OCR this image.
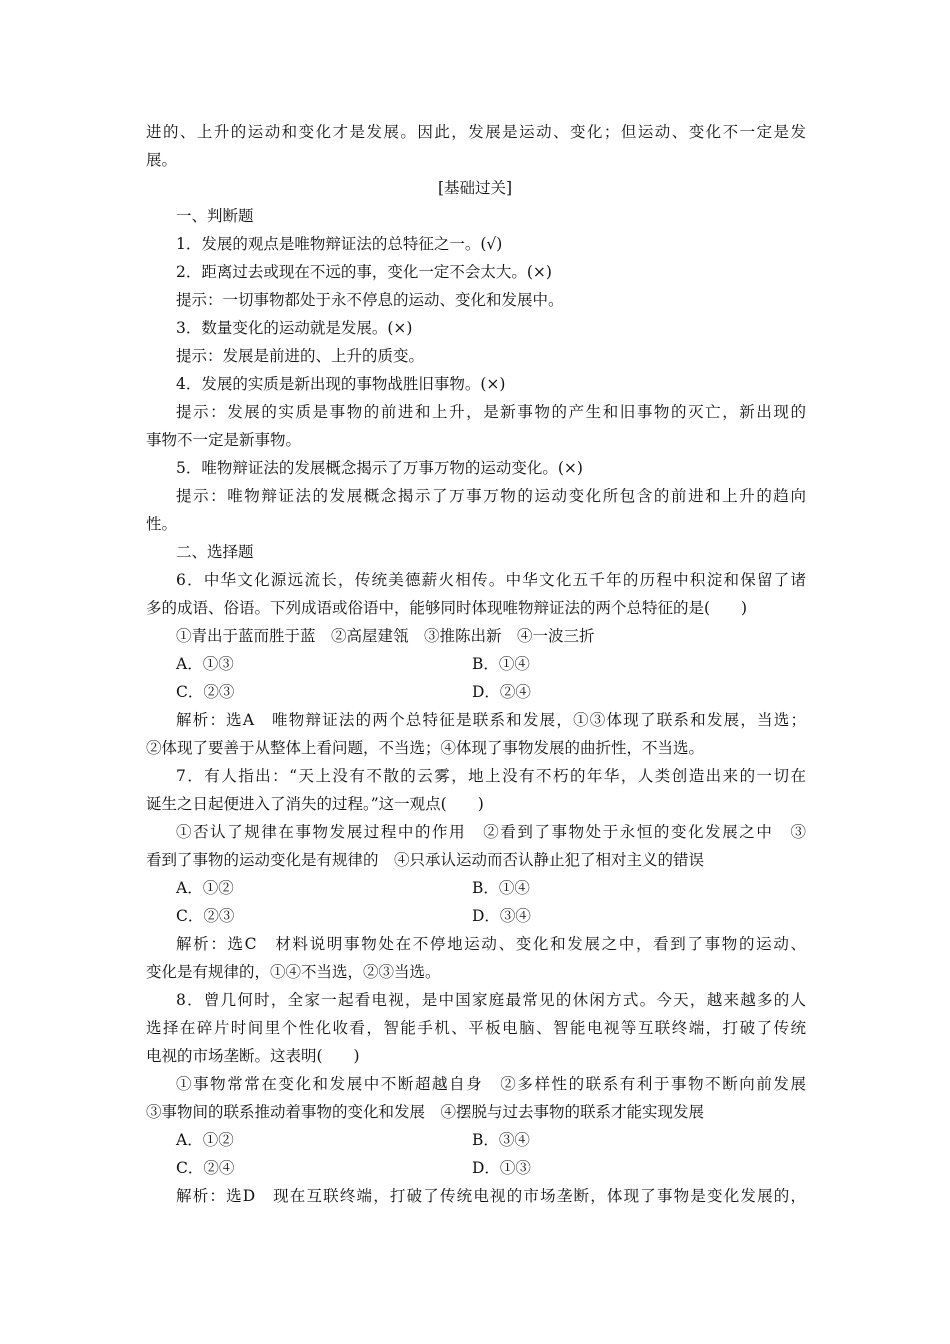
进的、上升的运动和变化才是发展。因此，发展是运动、变化；但运动、变化不一定是发
展。
[基础过关]
一、判断题
1．发展的观点是唯物辩证法的总特征之一。(√)
2．距离过去或现在不远的事，变化一定不会太大。(×)
提示：一切事物都处于永不停息的运动、变化和发展中。
3．数量变化的运动就是发展。(×)
提示：发展是前进的、上升的质变。
4．发展的实质是新出现的事物战胜旧事物。(×)
提示：发展的实质是事物的前进和上升，是新事物的产生和旧事物的灭亡，新出现的
事物不一定是新事物。
5．唯物辩证法的发展概念揭示了万事万物的运动变化。(×)
提示：唯物辩证法的发展概念揭示了万事万物的运动变化所包含的前进和上升的趋向
性。
二、选择题
6．中华文化源远流长，传统美德薪火相传。中华文化五千年的历程中积淀和保留了诸
多的成语、俗语。下列成语或俗语中，能够同时体现唯物辩证法的两个总特征的是(　　)
①青出于蓝而胜于蓝　②高屋建瓴　③推陈出新　④一波三折
A．①③	B．①④
C．②③	D．②④
解析：选A　唯物辩证法的两个总特征是联系和发展，①③体现了联系和发展，当选；
②体现了要善于从整体上看问题，不当选；④体现了事物发展的曲折性，不当选。
7．有人指出：“天上没有不散的云雾，地上没有不朽的年华，人类创造出来的一切在
诞生之日起便进入了消失的过程。”这一观点(　　)
①否认了规律在事物发展过程中的作用　②看到了事物处于永恒的变化发展之中　③
看到了事物的运动变化是有规律的　④只承认运动而否认静止犯了相对主义的错误
A．①②	B．①④
C．②③	D．③④
解析：选C　材料说明事物处在不停地运动、变化和发展之中，看到了事物的运动、
变化是有规律的，①④不当选，②③当选。
8．曾几何时，全家一起看电视，是中国家庭最常见的休闲方式。今天，越来越多的人
选择在碎片时间里个性化收看，智能手机、平板电脑、智能电视等互联终端，打破了传统
电视的市场垄断。这表明(　　)
①事物常常在变化和发展中不断超越自身　②多样性的联系有利于事物不断向前发展
③事物间的联系推动着事物的变化和发展　④摆脱与过去事物的联系才能实现发展
A．①②	B．③④
C．②④	D．①③
解析：选D　现在互联终端，打破了传统电视的市场垄断，体现了事物是变化发展的，
